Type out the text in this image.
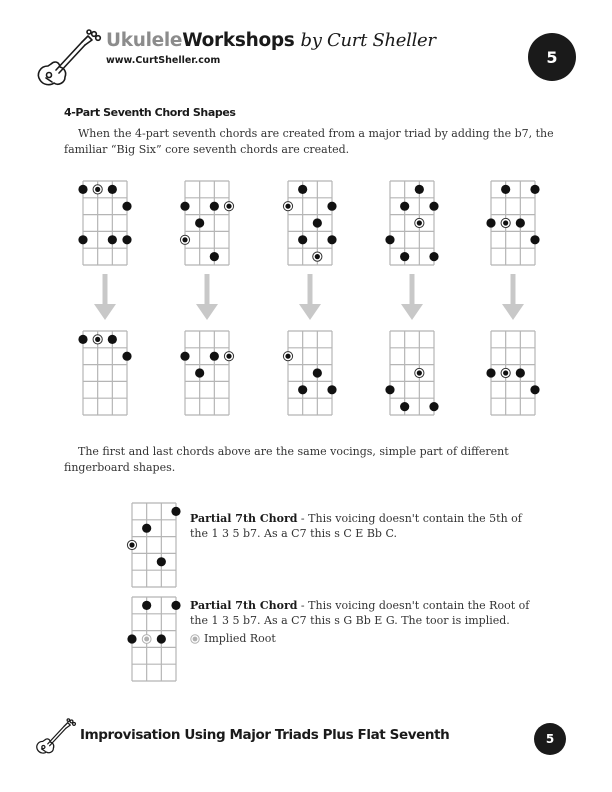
UkuleleWorkshops by Curt Sheller
www.CurtSheller.com	5
4-Part Seventh Chord Shapes
When the 4-part seventh chords are created from a major triad by adding the b7, the familiar “Big Six” core seventh chords are created.
The first and last chords above are the same vocings, simple part of different fingerboard shapes.
Partial 7th Chord - This voicing doesn't contain the 5th of the 1 3 5 b7. As a C7 this s C E Bb C.
Partial 7th Chord - This voicing doesn't contain the Root of the 1 3 5 b7. As a C7 this s G Bb E G. The toor is implied.
Implied Root
Improvisation Using Major Triads Plus Flat Seventh	5
